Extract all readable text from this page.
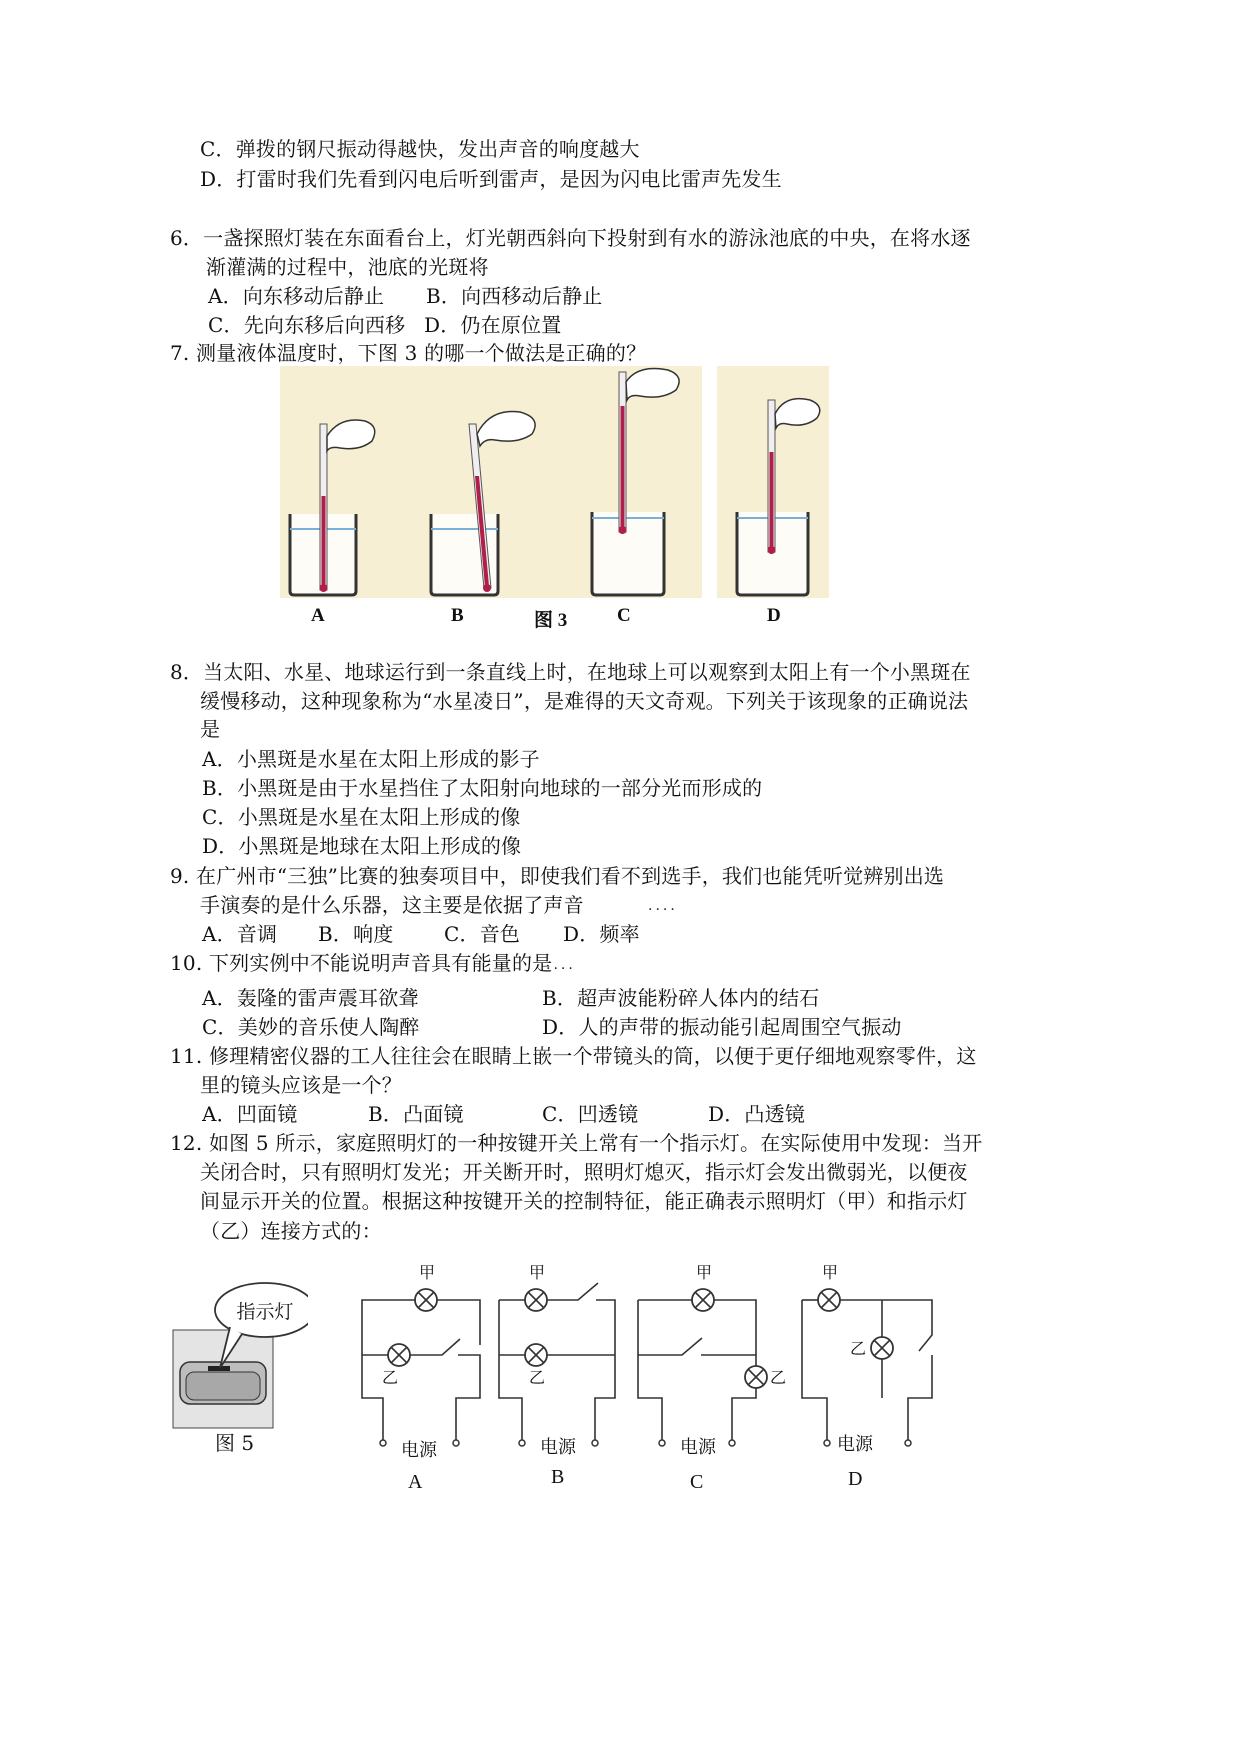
C．弹拨的钢尺振动得越快，发出声音的响度越大
D．打雷时我们先看到闪电后听到雷声，是因为闪电比雷声先发生
6．一盏探照灯装在东面看台上，灯光朝西斜向下投射到有水的游泳池底的中央，在将水逐
渐灌满的过程中，池底的光斑将
A．向东移动后静止 B．向西移动后静止
C．先向东移后向西移 D．仍在原位置
7. 测量液体温度时，下图 3 的哪一个做法是正确的？
A	B	图 3	C	D
8．当太阳、水星、地球运行到一条直线上时，在地球上可以观察到太阳上有一个小黑斑在
缓慢移动，这种现象称为“水星凌日”，是难得的天文奇观。下列关于该现象的正确说法
是
A．小黑斑是水星在太阳上形成的影子
B．小黑斑是由于水星挡住了太阳射向地球的一部分光而形成的
C．小黑斑是水星在太阳上形成的像
D．小黑斑是地球在太阳上形成的像
9. 在广州市“三独”比赛的独奏项目中，即使我们看不到选手，我们也能凭听觉辨别出选
手演奏的是什么乐器，这主要是依据了声音	....
A．音调 B．响度	C．音色 D．频率
10. 下列实例中不能说明声音具有能量的是
....
A．轰隆的雷声震耳欲聋	B．超声波能粉碎人体内的结石
C．美妙的音乐使人陶醉	D．人的声带的振动能引起周围空气振动
11. 修理精密仪器的工人往往会在眼睛上嵌一个带镜头的筒，以便于更仔细地观察零件，这
里的镜头应该是一个？
A．凹面镜	B．凸面镜	C．凹透镜	D．凸透镜
12. 如图 5 所示，家庭照明灯的一种按键开关上常有一个指示灯。在实际使用中发现：当开
关闭合时，只有照明灯发光；开关断开时，照明灯熄灭，指示灯会发出微弱光，以便夜
间显示开关的位置。根据这种按键开关的控制特征，能正确表示照明灯（甲）和指示灯
（乙）连接方式的：
指示灯
图 5
甲
乙
甲
乙
甲
乙
甲
乙
电源	电源	电源	电源
A	B	C	D
